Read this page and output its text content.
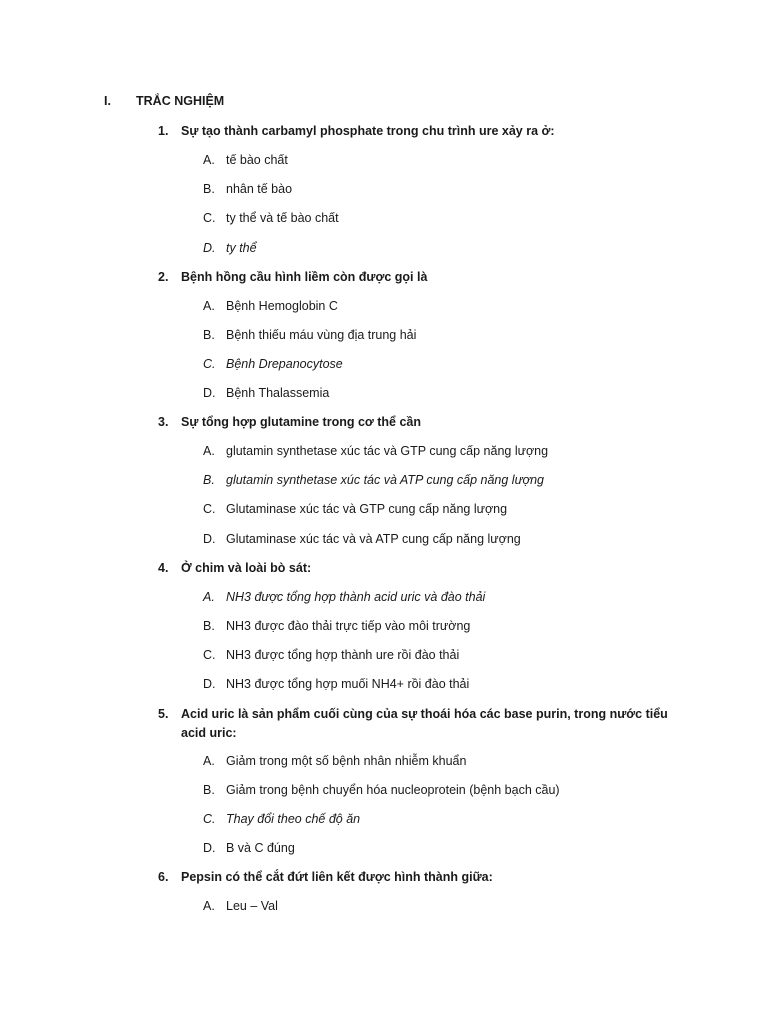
I. TRẮC NGHIỆM
1. Sự tạo thành carbamyl phosphate trong chu trình ure xảy ra ở:
A. tế bào chất
B. nhân tế bào
C. ty thể và tế bào chất
D. ty thể
2. Bệnh hồng cầu hình liềm còn được gọi là
A. Bệnh Hemoglobin C
B. Bệnh thiếu máu vùng địa trung hải
C. Bệnh Drepanocytose
D. Bệnh Thalassemia
3. Sự tổng hợp glutamine trong cơ thể cần
A. glutamin synthetase xúc tác và GTP cung cấp năng lượng
B. glutamin synthetase xúc tác và ATP cung cấp năng lượng
C. Glutaminase xúc tác và GTP cung cấp năng lượng
D. Glutaminase xúc tác và và ATP cung cấp năng lượng
4. Ở chim và loài bò sát:
A. NH3 được tổng hợp thành acid uric và đào thải
B. NH3 được đào thải trực tiếp vào môi trường
C. NH3 được tổng hợp thành ure rồi đào thải
D. NH3 được tổng hợp muối NH4+ rồi đào thải
5. Acid uric là sản phẩm cuối cùng của sự thoái hóa các base purin, trong nước tiểu acid uric:
A. Giảm trong một số bệnh nhân nhiễm khuẩn
B. Giảm trong bệnh chuyển hóa nucleoprotein (bệnh bạch cầu)
C. Thay đổi theo chế độ ăn
D. B và C đúng
6. Pepsin có thể cắt đứt liên kết được hình thành giữa:
A. Leu – Val
